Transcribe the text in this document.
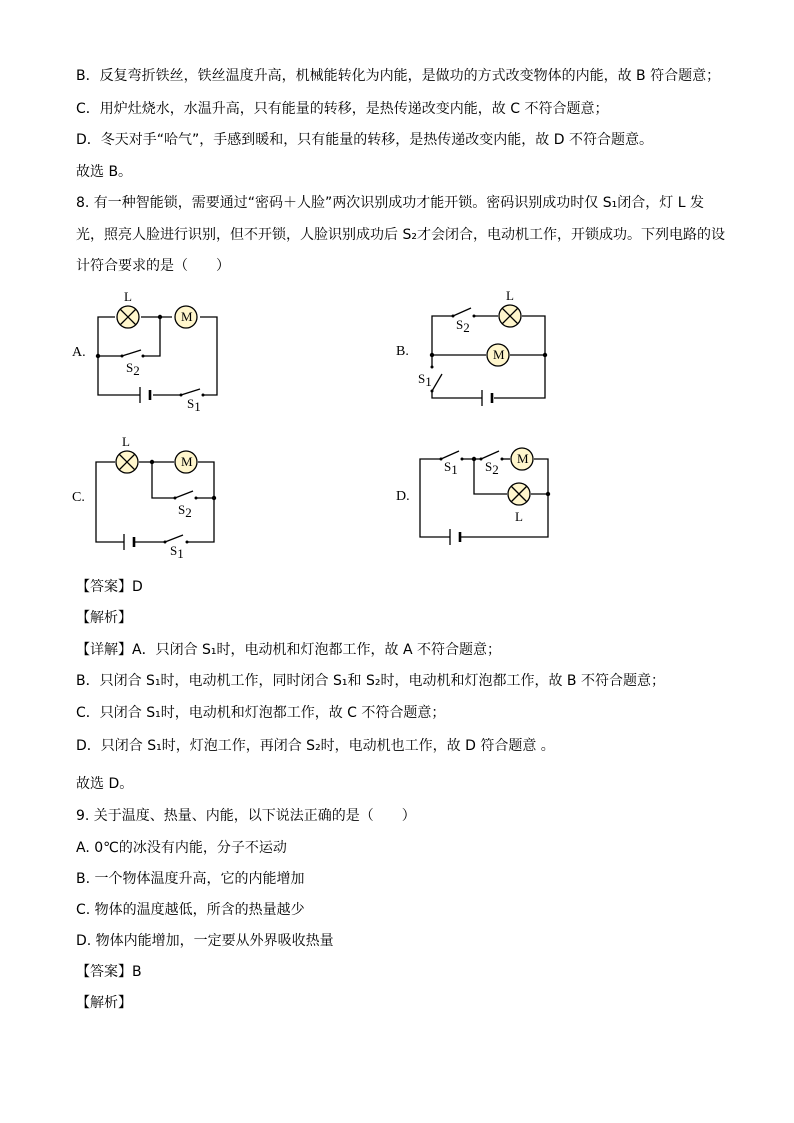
B．反复弯折铁丝，铁丝温度升高，机械能转化为内能，是做功的方式改变物体的内能，故 B 符合题意；
C．用炉灶烧水，水温升高，只有能量的转移，是热传递改变内能，故 C 不符合题意；
D．冬天对手“哈气”，手感到暖和，只有能量的转移，是热传递改变内能，故 D 不符合题意。
故选 B。
8. 有一种智能锁，需要通过“密码＋人脸”两次识别成功才能开锁。密码识别成功时仅 S₁闭合，灯 L 发
光，照亮人脸进行识别，但不开锁，人脸识别成功后 S₂才会闭合，电动机工作，开锁成功。下列电路的设
计符合要求的是（　　）
A.	B.
C.	D.
L
M
S2
S1
S2
L
M
S1
L
M
S2
S1
S1 S2
M
L
【答案】D
【解析】
【详解】A．只闭合 S₁时，电动机和灯泡都工作，故 A 不符合题意；
B．只闭合 S₁时，电动机工作，同时闭合 S₁和 S₂时，电动机和灯泡都工作，故 B 不符合题意；
C．只闭合 S₁时，电动机和灯泡都工作，故 C 不符合题意；
D．只闭合 S₁时，灯泡工作，再闭合 S₂时，电动机也工作，故 D 符合题意 。
故选 D。
9. 关于温度、热量、内能，以下说法正确的是（　　）
A. 0℃的冰没有内能，分子不运动
B. 一个物体温度升高，它的内能增加
C. 物体的温度越低，所含的热量越少
D. 物体内能增加，一定要从外界吸收热量
【答案】B
【解析】
